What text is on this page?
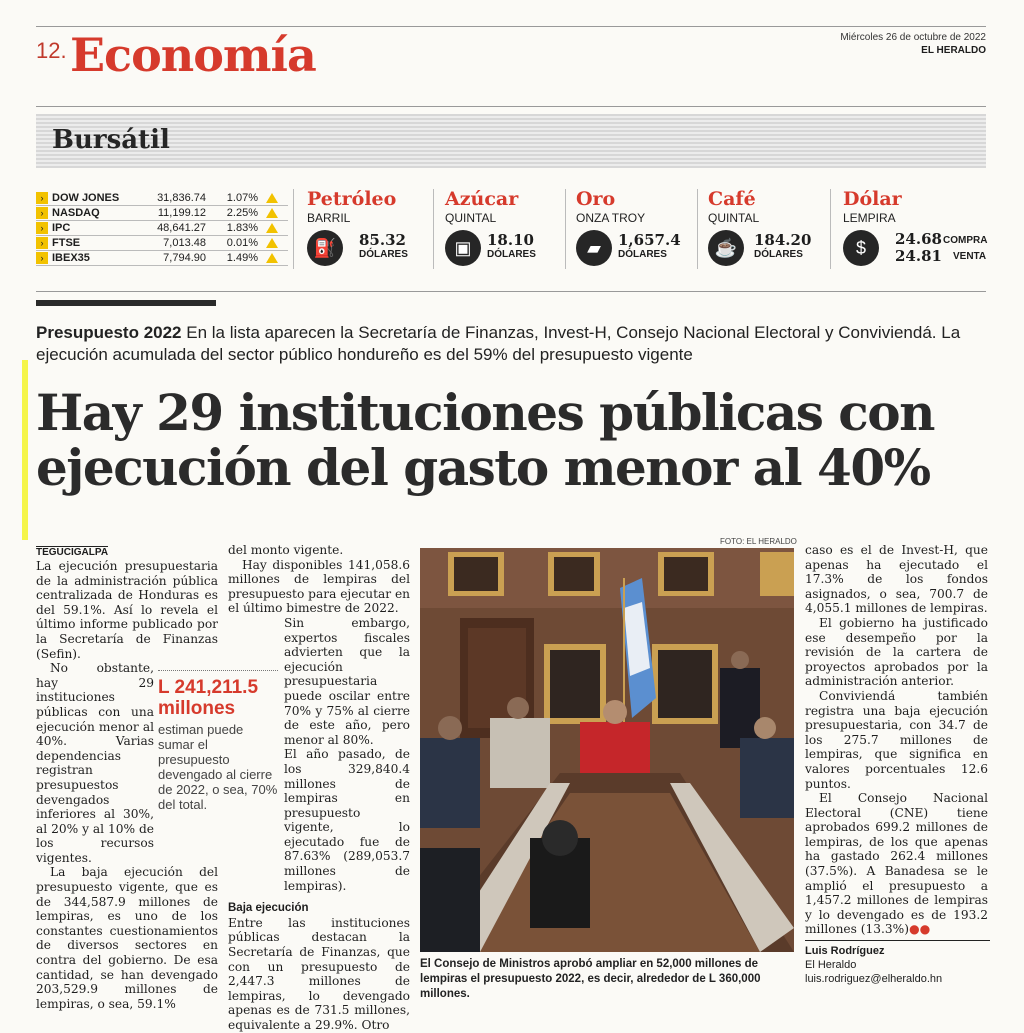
12. Economía	Miércoles 26 de octubre de 2022
EL HERALDO
Bursátil
› DOW JONES	31,836.74	1.07%
› NASDAQ	11,199.12	2.25%
› IPC	48,641.27	1.83%
› FTSE	7,013.48	0.01%
› IBEX35	7,794.90	1.49%
Petróleo
BARRIL
⛽	85.32
DÓLARES
Azúcar
QUINTAL
▣	18.10
DÓLARES
Oro
ONZA TROY
▰	1,657.4
DÓLARES
Café
QUINTAL
☕	184.20
DÓLARES
Dólar
LEMPIRA
$	24.68 COMPRA
24.81 VENTA
Presupuesto 2022 En la lista aparecen la Secretaría de Finanzas, Invest-H, Consejo Nacional Electoral y Conviviendá. La ejecución acumulada del sector público hondureño es del 59% del presupuesto vigente
Hay 29 instituciones públicas con ejecución del gasto menor al 40%
TEGUCIGALPA

La ejecución presupuestaria de la administración pública centralizada de Honduras es del 59.1%. Así lo revela el último informe publicado por la Secretaría de Finanzas (Sefin).

No obstante, hay 29 instituciones públicas con una ejecución menor al 40%. Varias dependencias registran presupuestos devengados inferiores al 30%, al 20% y al 10% de los recursos vigentes.

La baja ejecución del presupuesto vigente, que es de 344,587.9 millones de lempiras, es uno de los constantes cuestionamientos de diversos sectores en contra del gobierno. De esa cantidad, se han devengado 203,529.9 millones de lempiras, o sea, 59.1%

L 241,211.5 millones
estiman puede sumar el presupuesto devengado al cierre de 2022, o sea, 70% del total.

del monto vigente.

Hay disponibles 141,058.6 millones de lempiras del presupuesto para ejecutar en el último bimestre de 2022.

Sin embargo, expertos fiscales advierten que la ejecución presupuestaria puede oscilar entre 70% y 75% al cierre de este año, pero menor al 80%.

El año pasado, de los 329,840.4 millones de lempiras en presupuesto vigente, lo ejecutado fue de 87.63% (289,053.7 millones de lempiras).

Baja ejecución

Entre las instituciones públicas destacan la Secretaría de Finanzas, que con un presupuesto de 2,447.3 millones de lempiras, lo devengado apenas es de 731.5 millones, equivalente a 29.9%. Otro

FOTO: EL HERALDO
El Consejo de Ministros aprobó ampliar en 52,000 millones de lempiras el presupuesto 2022, es decir, alrededor de L 360,000 millones.

caso es el de Invest-H, que apenas ha ejecutado el 17.3% de los fondos asignados, o sea, 700.7 de 4,055.1 millones de lempiras.

El gobierno ha justificado ese desempeño por la revisión de la cartera de proyectos aprobados por la administración anterior.

Conviviendá también registra una baja ejecución presupuestaria, con 34.7 de los 275.7 millones de lempiras, que significa en valores porcentuales 12.6 puntos.

El Consejo Nacional Electoral (CNE) tiene aprobados 699.2 millones de lempiras, de los que apenas ha gastado 262.4 millones (37.5%). A Banadesa se le amplió el presupuesto a 1,457.2 millones de lempiras y lo devengado es de 193.2 millones (13.3%)●●

Luis Rodríguez
El Heraldo
luis.rodriguez@elheraldo.hn
